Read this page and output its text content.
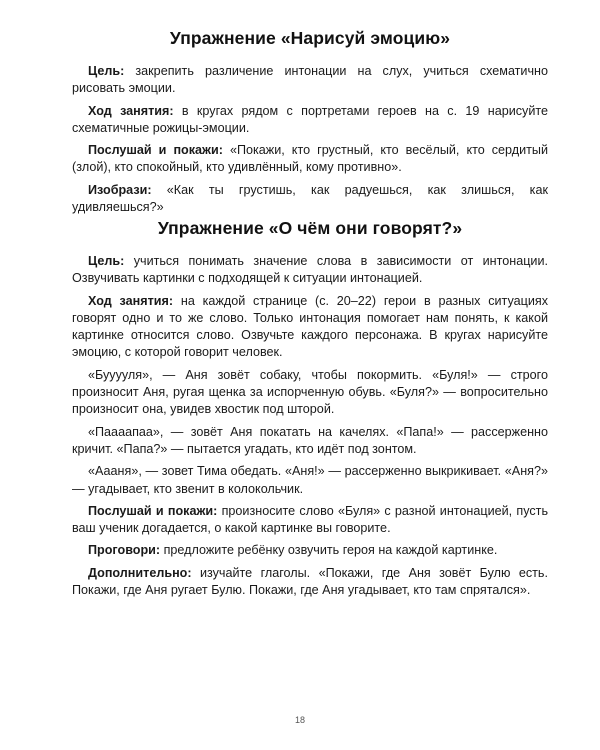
Упражнение «Нарисуй эмоцию»

Цель: закрепить различение интонации на слух, учиться схематично рисовать эмоции.

Ход занятия: в кругах рядом с портретами героев на с. 19 нарисуйте схематичные рожицы-эмоции.

Послушай и покажи: «Покажи, кто грустный, кто весёлый, кто сердитый (злой), кто спокойный, кто удивлённый, кому противно».

Изобрази: «Как ты грустишь, как радуешься, как злишься, как удивляешься?»

Упражнение «О чём они говорят?»

Цель: учиться понимать значение слова в зависимости от интонации. Озвучивать картинки с подходящей к ситуации интонацией.

Ход занятия: на каждой странице (с. 20–22) герои в разных ситуациях говорят одно и то же слово. Только интонация помогает нам понять, к какой картинке относится слово. Озвучьте каждого персонажа. В кругах нарисуйте эмоцию, с которой говорит человек.

«Бууууля», — Аня зовёт собаку, чтобы покормить. «Буля!» — строго произносит Аня, ругая щенка за испорченную обувь. «Буля?» — вопросительно произносит она, увидев хвостик под шторой.

«Паааапаа», — зовёт Аня покатать на качелях. «Папа!» — рассерженно кричит. «Папа?» — пытается угадать, кто идёт под зонтом.

«Аааня», — зовет Тима обедать. «Аня!» — рассерженно выкрикивает. «Аня?» — угадывает, кто звенит в колокольчик.

Послушай и покажи: произносите слово «Буля» с разной интонацией, пусть ваш ученик догадается, о какой картинке вы говорите.

Проговори: предложите ребёнку озвучить героя на каждой картинке.

Дополнительно: изучайте глаголы. «Покажи, где Аня зовёт Булю есть. Покажи, где Аня ругает Булю. Покажи, где Аня угадывает, кто там спрятался».

18
